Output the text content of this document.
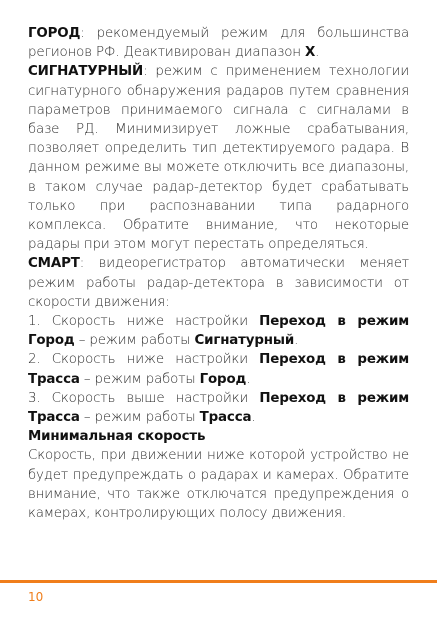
ГОРОД: рекомендуемый режим для большинства регионов РФ. Деактивирован диапазон X.

СИГНАТУРНЫЙ: режим с применением технологии сигнатурного обнаружения радаров путем сравнения параметров принимаемого сигнала с сигналами в базе РД. Минимизирует ложные срабатывания, позволяет определить тип детектируемого радара. В данном режиме вы можете отключить все диапазоны, в таком случае радар-детектор будет срабатывать только при распознавании типа радарного комплекса. Обратите внимание, что некоторые радары при этом могут перестать определяться.

СМАРТ: видеорегистратор автоматически меняет режим работы радар-детектора в зависимости от скорости движения:

1. Скорость ниже настройки Переход в режим Город – режим работы Сигнатурный.

2. Скорость ниже настройки Переход в режим Трасса – режим работы Город.

3. Скорость выше настройки Переход в режим Трасса – режим работы Трасса.

Минимальная скорость

Скорость, при движении ниже которой устройство не будет предупреждать о радарах и камерах. Обратите внимание, что также отключатся предупреждения о камерах, контролирующих полосу движения.

10
